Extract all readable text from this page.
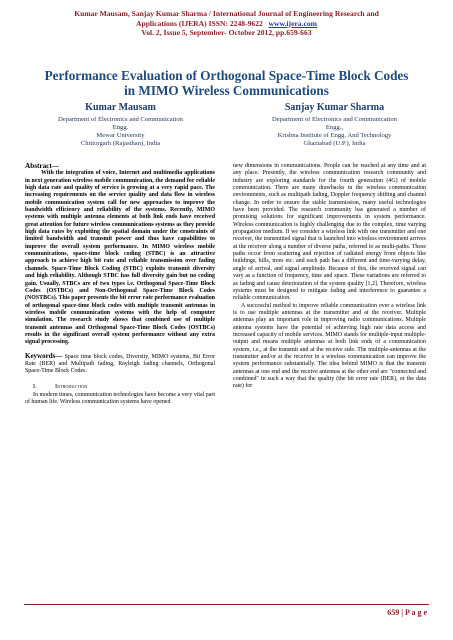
Kumar Mausam, Sanjay Kumar Sharma / International Journal of Engineering Research and
Applications (IJERA) ISSN: 2248-9622 www.ijera.com
Vol. 2, Issue 5, September- October 2012, pp.659-663
Performance Evaluation of Orthogonal Space-Time Block Codes
in MIMO Wireless Communications
Kumar Mausam
Department of Electronics and Communication
Engg.
Mewar University
Chittorgarh (Rajasthan), India
Sanjay Kumar Sharma
Department of Electronics and Communication
Engg.,
Krishna Institute of Engg. And Technology
Ghaziabad (U.P.), India
Abstract—

With the integration of voice, Internet and multimedia applications in next generation wireless mobile communication, the demand for reliable high data rate and quality of service is growing at a very rapid pace. The increasing requirements on the service quality and data flow in wireless mobile communication system call for new approaches to improve the bandwidth efficiency and reliability of the systems. Recently, MIMO systems with multiple antenna elements at both link ends have received great attention for future wireless communications systems as they provide high data rates by exploiting the spatial domain under the constraints of limited bandwidth and transmit power and thus have capabilities to improve the overall system performance. In MIMO wireless mobile communications, space-time block coding (STBC) is an attractive approach to achieve high bit rate and reliable transmission over fading channels. Space-Time Block Coding (STBC) exploits transmit diversity and high reliability. Although STBC has full diversity gain but no coding gain. Usually, STBCs are of two types i.e. Orthogonal Space-Time Block Codes (OSTBCs) and Non-Orthogonal Space-Time Block Codes (NOSTBCs). This paper presents the bit error rate performance evaluation of orthogonal space-time block codes with multiple transmit antennas in wireless mobile communication systems with the help of computer simulation. The research study shows that combined use of multiple transmit antennas and Orthogonal Space-Time Block Codes (OSTBCs) results in the significant overall system performance without any extra signal processing.

Keywords— Space time block codes, Diversity, MIMO systems, Bit Error Rate (BER) and Multipath fading, Rayleigh fading channels, Orthogonal Space-Time Block Codes.

I.	Introduction

In modern times, communication technologies have become a very vital part of human life. Wireless communication systems have opened

new dimensions in communications. People can be reached at any time and at any place. Presently, the wireless communication research community and industry are exploring standards for the fourth generation (4G) of mobile communication. There are many drawbacks in the wireless communication environments, such as multipath fading, Doppler frequency shifting and channel change. In order to ensure the stable transmission, many useful technologies have been provided. The research community has generated a number of promising solutions for significant improvements in system performance. Wireless communication is highly challenging due to the complex, time varying propagation medium. If we consider a wireless link with one transmitter and one receiver, the transmitted signal that is launched into wireless environment arrives at the receiver along a number of diverse paths, referred to as multi-paths. These paths occur from scattering and rejection of radiated energy from objects like buildings, hills, trees etc. and each path has a different and time-varying delay, angle of arrival, and signal amplitude. Because of this, the received signal can vary as a function of frequency, time and space. These variations are referred to as fading and cause deterioration of the system quality [1,2]. Therefore, wireless systems must be designed to mitigate fading and interference to guarantee a reliable communication.

A successful method to improve reliable communication over a wireless link is to use multiple antennas at the transmitter and at the receiver. Multiple antennas play an important role in improving radio communications. Multiple antenna systems have the potential of achieving high rate data access and increased capacity of mobile services. MIMO stands for multiple-input multiple-output and means multiple antennas at both link ends of a communication system, i.e., at the transmit and at the receive side. The multiple-antennas at the transmitter and/or at the receiver in a wireless communication can improve the system performance substantially. The idea behind MIMO is that the transmit antennas at one end and the receive antennas at the other end are "connected and combined" in such a way that the quality (the bit error rate (BER), or the data rate) for

659 | P a g e
